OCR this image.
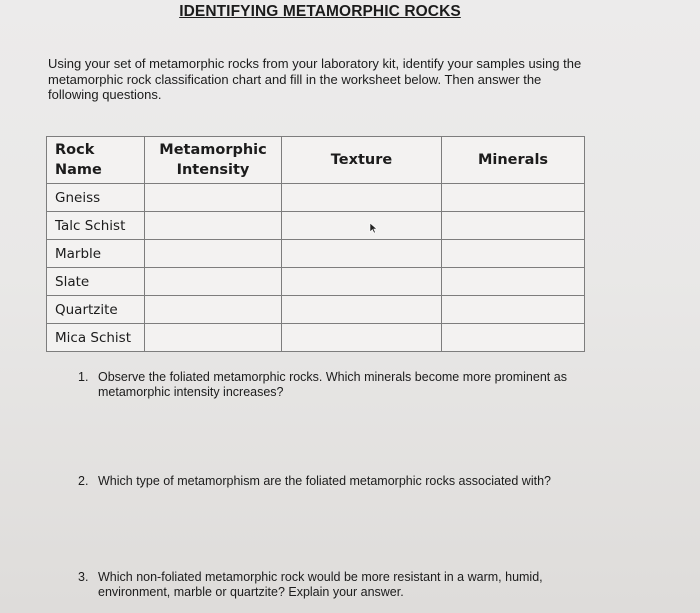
IDENTIFYING METAMORPHIC ROCKS
Using your set of metamorphic rocks from your laboratory kit, identify your samples using the metamorphic rock classification chart and fill in the worksheet below. Then answer the following questions.
Rock Name	Metamorphic Intensity	Texture	Minerals
Gneiss			
Talc Schist			
Marble			
Slate			
Quartzite			
Mica Schist			
1. Observe the foliated metamorphic rocks. Which minerals become more prominent as metamorphic intensity increases?
2. Which type of metamorphism are the foliated metamorphic rocks associated with?
3. Which non-foliated metamorphic rock would be more resistant in a warm, humid, environment, marble or quartzite? Explain your answer.
